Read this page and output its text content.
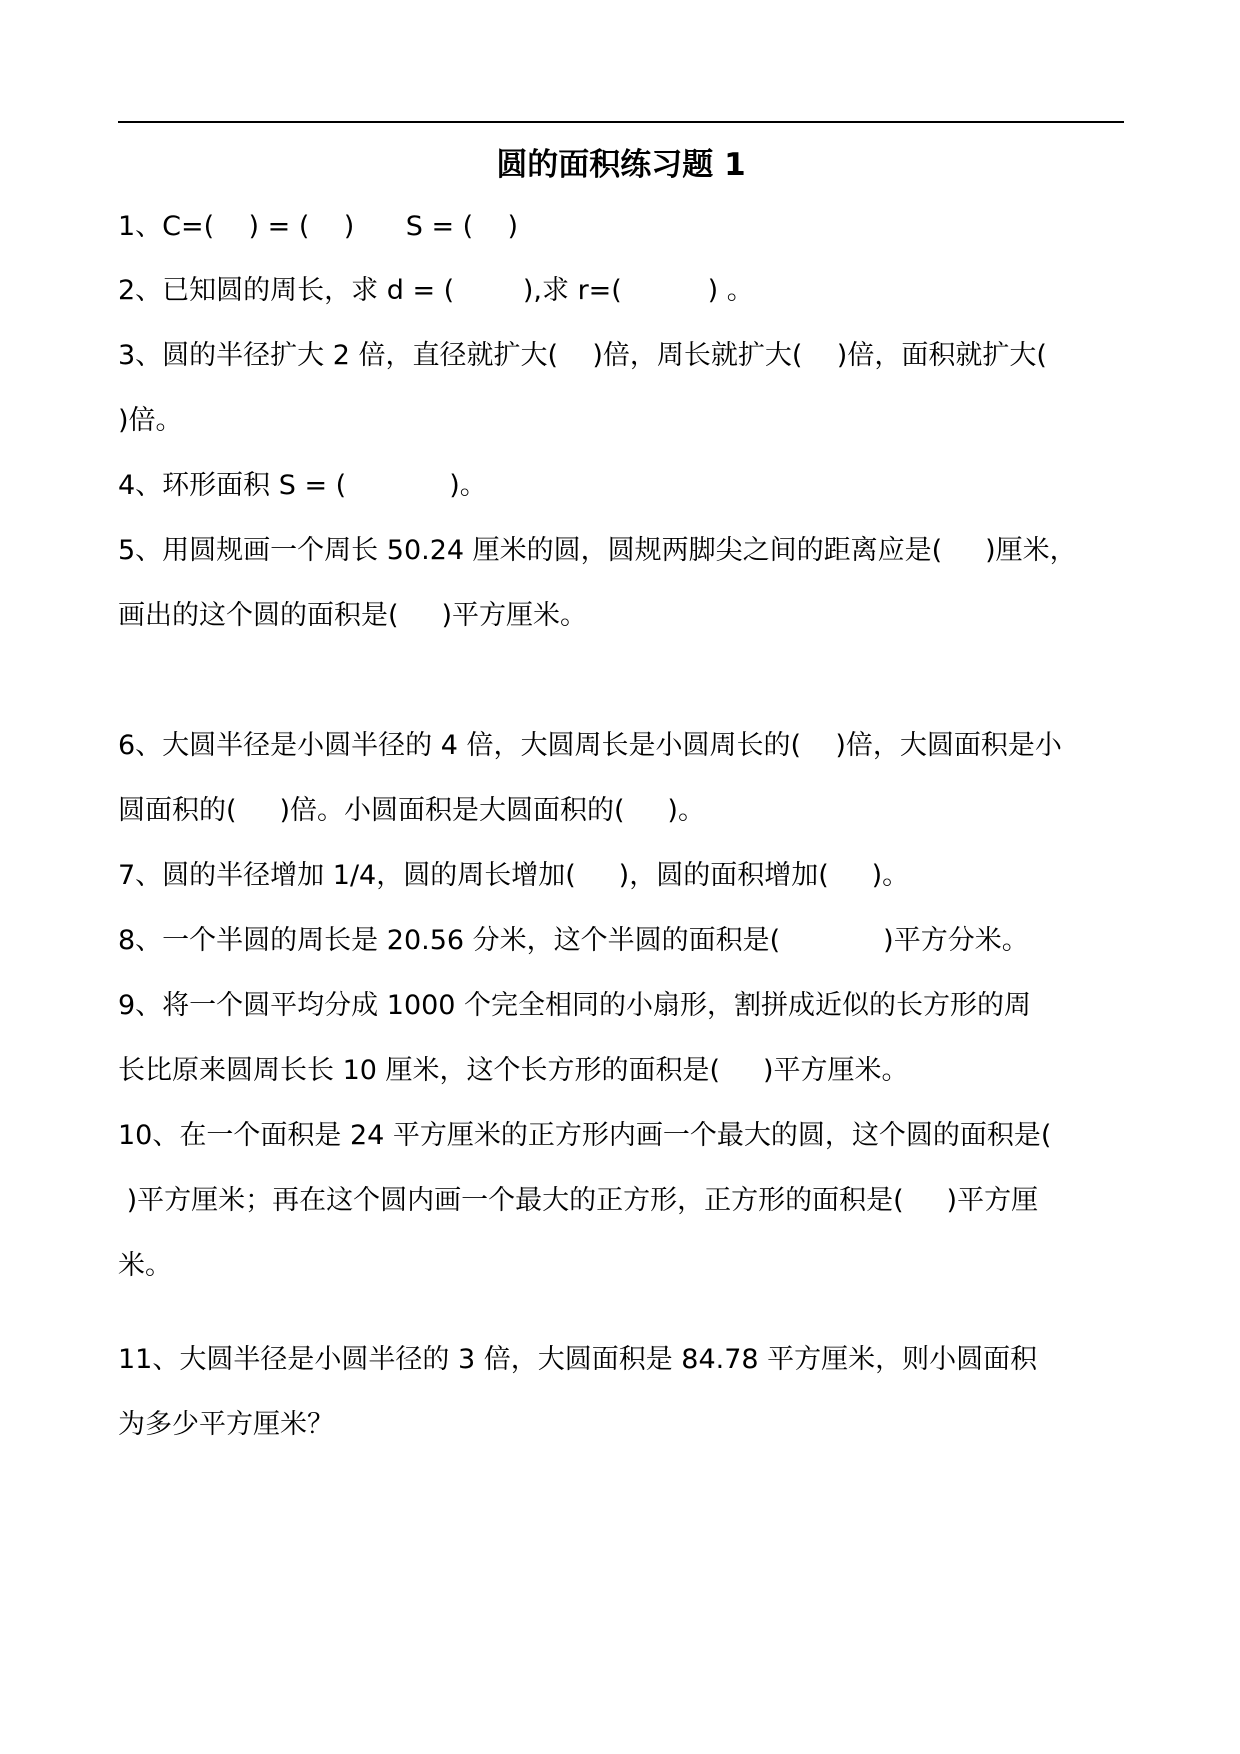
圆的面积练习题 1
1、C=(    ) = (    )      S = (    )
2、已知圆的周长，求 d = (        ),求 r=(          ) 。
3、圆的半径扩大 2 倍，直径就扩大(    )倍，周长就扩大(    )倍，面积就扩大(
)倍。
4、环形面积 S = (            )。
5、用圆规画一个周长 50.24 厘米的圆，圆规两脚尖之间的距离应是(     )厘米，
画出的这个圆的面积是(     )平方厘米。
6、大圆半径是小圆半径的 4 倍，大圆周长是小圆周长的(    )倍，大圆面积是小
圆面积的(     )倍。小圆面积是大圆面积的(     )。
7、圆的半径增加 1/4，圆的周长增加(     )，圆的面积增加(     )。
8、一个半圆的周长是 20.56 分米，这个半圆的面积是(            )平方分米。
9、将一个圆平均分成 1000 个完全相同的小扇形，割拼成近似的长方形的周
长比原来圆周长长 10 厘米，这个长方形的面积是(     )平方厘米。
10、在一个面积是 24 平方厘米的正方形内画一个最大的圆，这个圆的面积是(
)平方厘米；再在这个圆内画一个最大的正方形，正方形的面积是(     )平方厘
米。
11、大圆半径是小圆半径的 3 倍，大圆面积是 84.78 平方厘米，则小圆面积
为多少平方厘米？
